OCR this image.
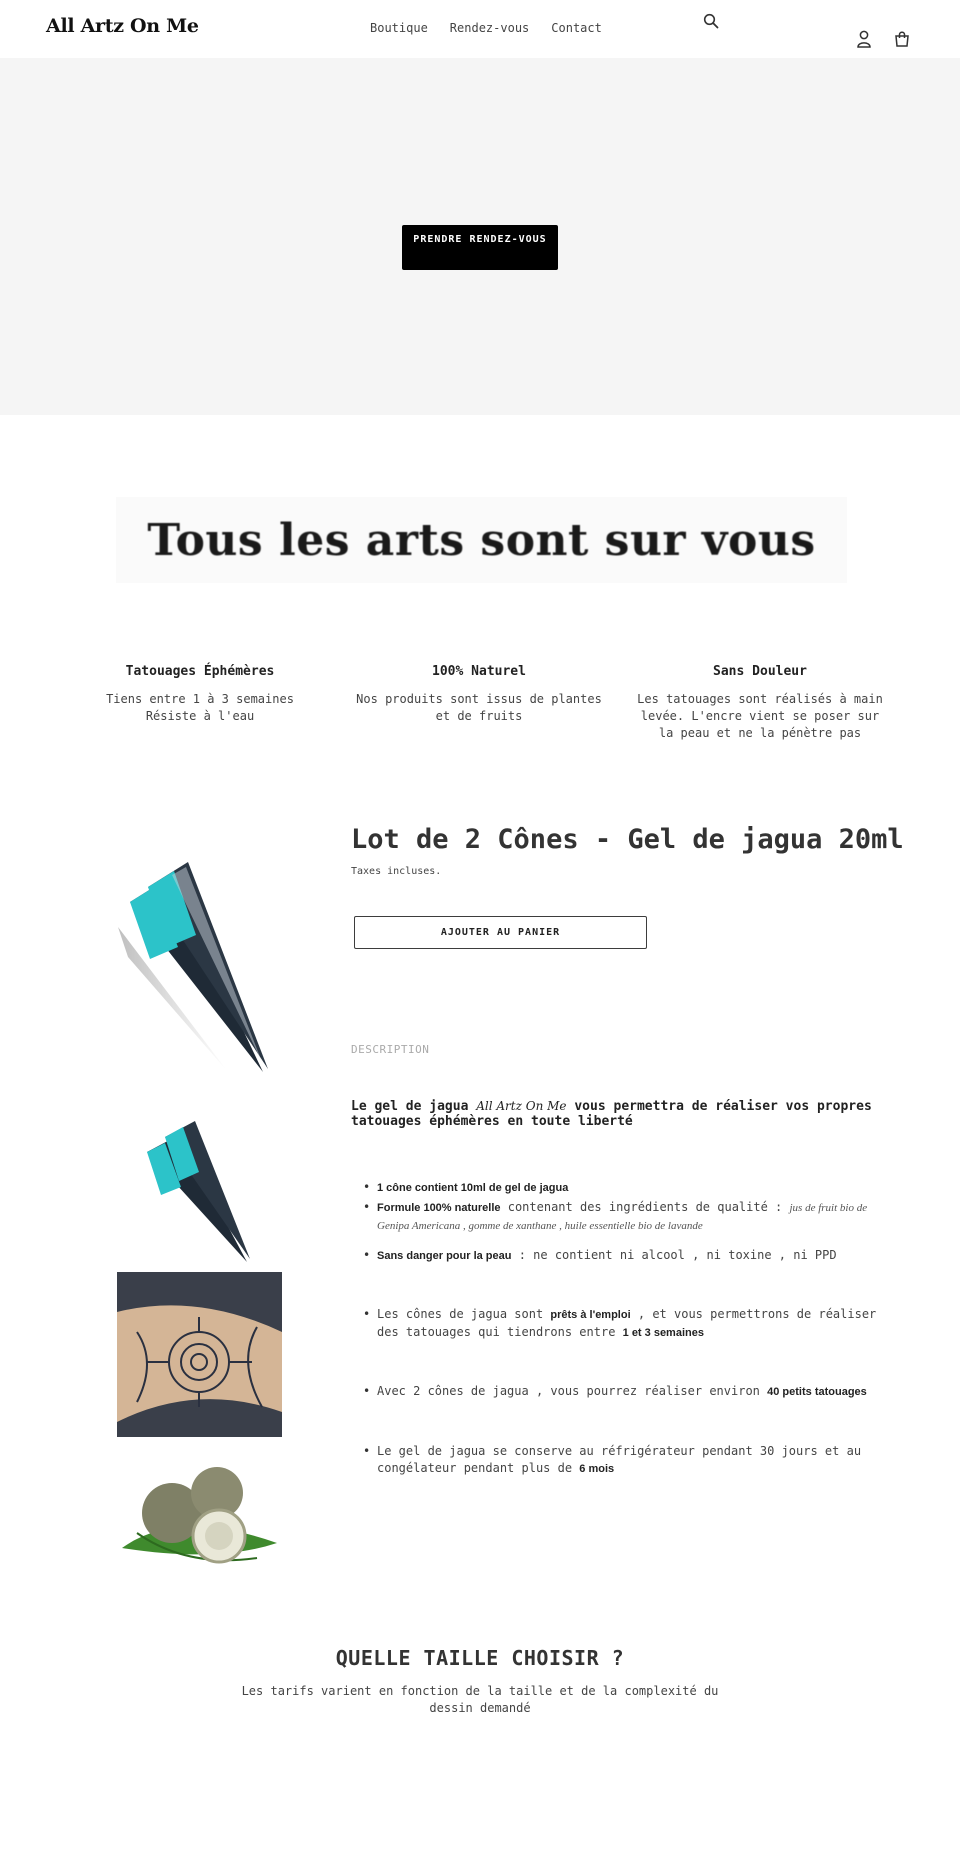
All Artz On Me	Boutique Rendez-vous Contact
PRENDRE RENDEZ-VOUS
Tous les arts sont sur vous
Tatouages Éphémères

Tiens entre 1 à 3 semaines
Résiste à l'eau

100% Naturel

Nos produits sont issus de plantes et de fruits

Sans Douleur

Les tatouages sont réalisés à main levée. L'encre vient se poser sur la peau et ne la pénètre pas

Lot de 2 Cônes - Gel de jagua 20ml
Taxes incluses.
AJOUTER AU PANIER
DESCRIPTION
Le gel de jagua All Artz On Me vous permettra de réaliser vos propres tatouages éphémères en toute liberté
• 1 cône contient 10ml de gel de jagua
• Formule 100% naturelle contenant des ingrédients de qualité : jus de fruit bio de Genipa Americana , gomme de xanthane , huile essentielle bio de lavande
• Sans danger pour la peau : ne contient ni alcool , ni toxine , ni PPD
• Les cônes de jagua sont prêts à l'emploi , et vous permettrons de réaliser des tatouages qui tiendrons entre 1 et 3 semaines
• Avec 2 cônes de jagua , vous pourrez réaliser environ 40 petits tatouages
• Le gel de jagua se conserve au réfrigérateur pendant 30 jours et au congélateur pendant plus de 6 mois
QUELLE TAILLE CHOISIR ?

Les tarifs varient en fonction de la taille et de la complexité du dessin demandé
